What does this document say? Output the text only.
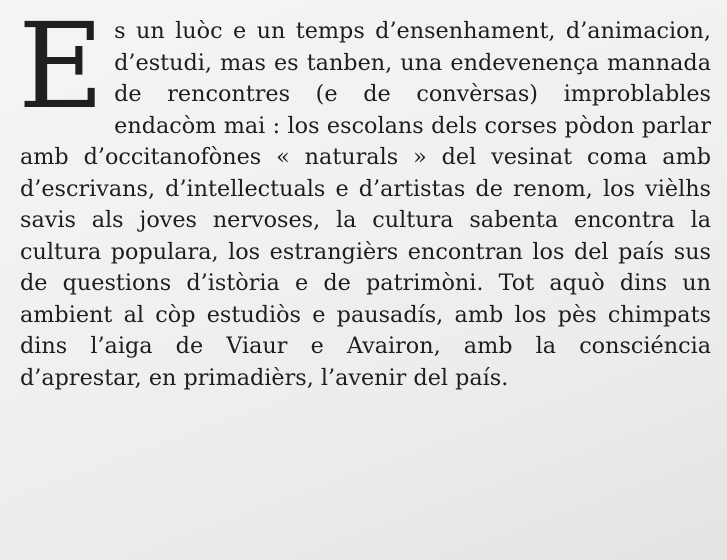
Es un luòc e un temps d’ensenhament, d’animacion, d’estudi, mas es tanben, una endevenença mannada de rencontres (e de convèrsas) improblables endacòm mai : los escolans dels corses pòdon parlar amb d’occitanofònes « naturals » del vesinat coma amb d’escrivans, d’intellectuals e d’artistas de renom, los vièlhs savis als joves nervoses, la cultura sabenta encontra la cultura populara, los estrangièrs encontran los del país sus de questions d’istòria e de patrimòni. Tot aquò dins un ambient al còp estudiòs e pausadís, amb los pès chimpats dins l’aiga de Viaur e Avairon, amb la consciéncia d’aprestar, en primadièrs, l’avenir del país.
